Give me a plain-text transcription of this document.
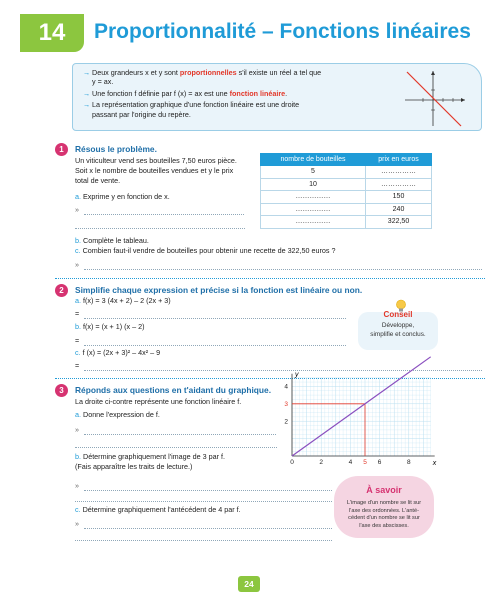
14	Proportionnalité – Fonctions linéaires
→ Deux grandeurs x et y sont proportionnelles s'il existe un réel a tel que y = ax.
→ Une fonction f définie par f (x) = ax est une fonction linéaire.
→ La représentation graphique d'une fonction linéaire est une droite passant par l'origine du repère.
1	Résous le problème.
Un viticulteur vend ses bouteilles 7,50 euros pièce.
Soit x le nombre de bouteilles vendues et y le prix
total de vente.
a. Exprime y en fonction de x.
»
nombre de bouteilles	prix en euros
5	……………
10	……………
……………	150
……………	240
……………	322,50
b. Complète le tableau.
c. Combien faut-il vendre de bouteilles pour obtenir une recette de 322,50 euros ?
»
2	Simplifie chaque expression et précise si la fonction est linéaire ou non.
a. f(x) = 3 (4x + 2) – 2 (2x + 3)
=
b. f(x) = (x + 1) (x – 2)
=
c. f (x) = (2x + 3)² – 4x² – 9
=
Conseil
Développe,
simplifie et conclus.
3	Réponds aux questions en t'aidant du graphique.
La droite ci-contre représente une fonction linéaire f.
a. Donne l'expression de f.
»
b. Détermine graphiquement l'image de 3 par f.
(Fais apparaître les traits de lecture.)
»
c. Détermine graphiquement l'antécédent de 4 par f.
»
0	2	4 5 6	8
2
3
4
x
y
À savoir
L'image d'un nombre se lit sur
l'axe des ordonnées. L'anté-
cédent d'un nombre se lit sur
l'axe des abscisses.
24
